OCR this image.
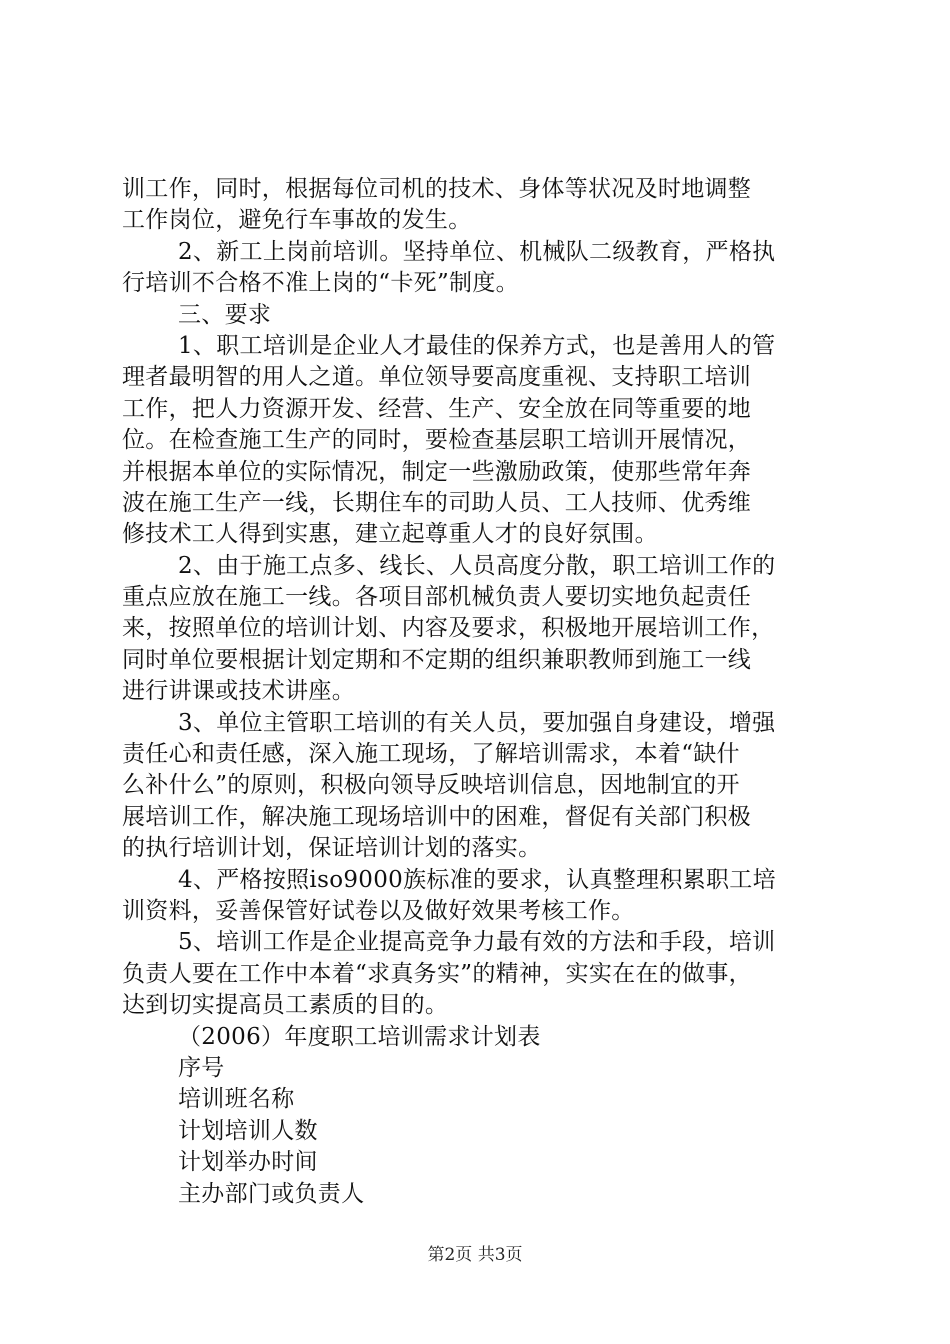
训工作，同时，根据每位司机的技术、身体等状况及时地调整
工作岗位，避免行车事故的发生。
2、新工上岗前培训。坚持单位、机械队二级教育，严格执
行培训不合格不准上岗的“卡死”制度。
三、要求
1、职工培训是企业人才最佳的保养方式，也是善用人的管
理者最明智的用人之道。单位领导要高度重视、支持职工培训
工作，把人力资源开发、经营、生产、安全放在同等重要的地
位。在检查施工生产的同时，要检查基层职工培训开展情况，
并根据本单位的实际情况，制定一些激励政策，使那些常年奔
波在施工生产一线，长期住车的司助人员、工人技师、优秀维
修技术工人得到实惠，建立起尊重人才的良好氛围。
2、由于施工点多、线长、人员高度分散，职工培训工作的
重点应放在施工一线。各项目部机械负责人要切实地负起责任
来，按照单位的培训计划、内容及要求，积极地开展培训工作，
同时单位要根据计划定期和不定期的组织兼职教师到施工一线
进行讲课或技术讲座。
3、单位主管职工培训的有关人员，要加强自身建设，增强
责任心和责任感，深入施工现场，了解培训需求，本着“缺什
么补什么”的原则，积极向领导反映培训信息，因地制宜的开
展培训工作，解决施工现场培训中的困难，督促有关部门积极
的执行培训计划，保证培训计划的落实。
4、严格按照iso9000族标准的要求，认真整理积累职工培
训资料，妥善保管好试卷以及做好效果考核工作。
5、培训工作是企业提高竞争力最有效的方法和手段，培训
负责人要在工作中本着“求真务实”的精神，实实在在的做事，
达到切实提高员工素质的目的。
（2006）年度职工培训需求计划表
序号
培训班名称
计划培训人数
计划举办时间
主办部门或负责人
第2页 共3页
